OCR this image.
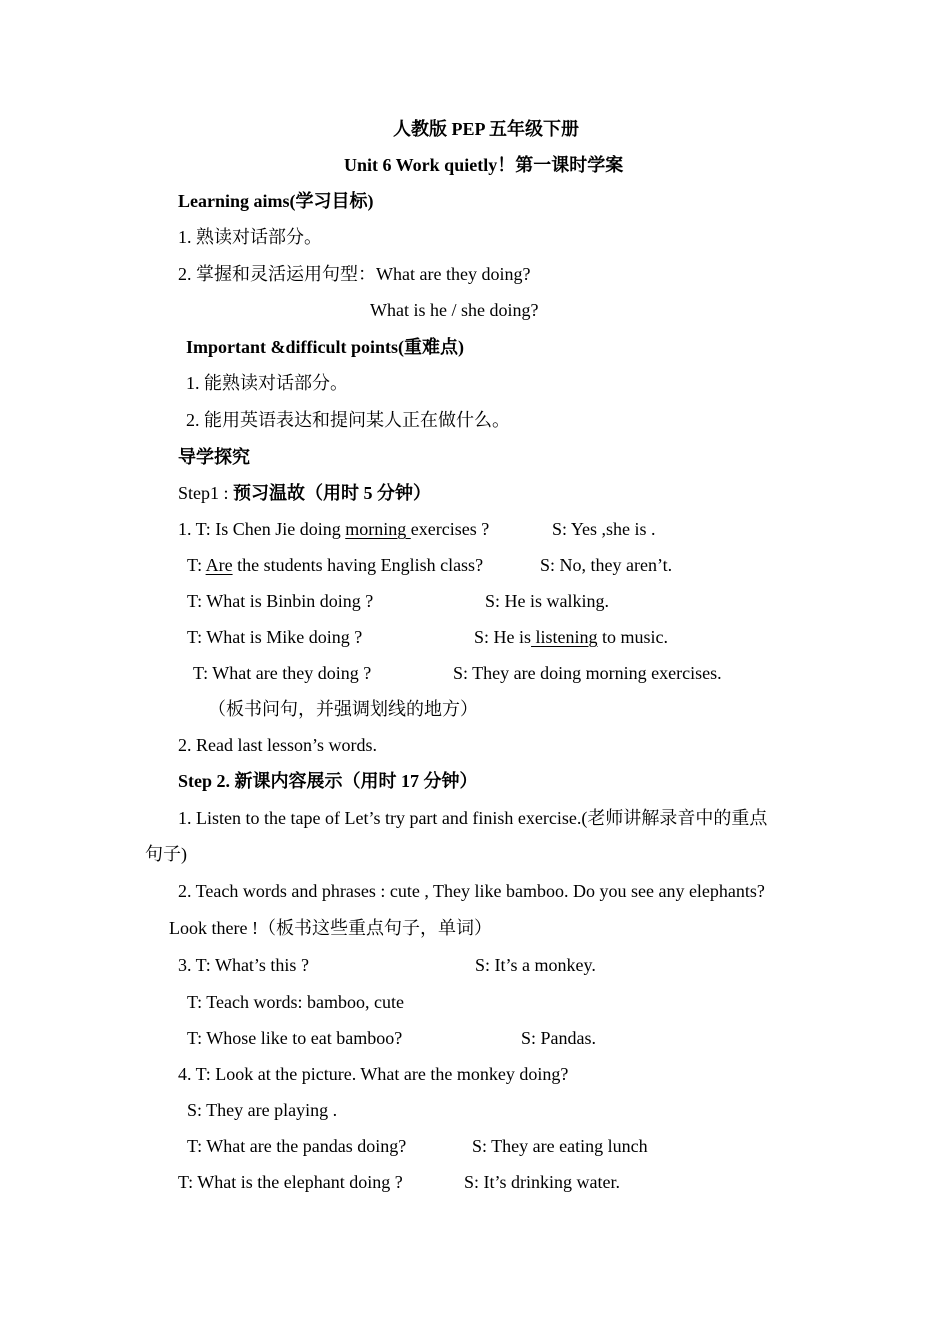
人教版 PEP 五年级下册
Unit 6 Work quietly！第一课时学案
Learning aims(学习目标)
1. 熟读对话部分。
2. 掌握和灵活运用句型：What are they doing?
What is he / she doing?
Important &difficult points(重难点)
1. 能熟读对话部分。
2. 能用英语表达和提问某人正在做什么。
导学探究
Step1 : 预习温故（用时 5 分钟）
1. T: Is Chen Jie doing morning exercises ?	S: Yes ,she is .
T: Are the students having English class?	S: No, they aren’t.
T: What is Binbin doing ?	S: He is walking.
T: What is Mike doing ?	S: He is listening to music.
T: What are they doing ?	S: They are doing morning exercises.
（板书问句，并强调划线的地方）
2. Read last lesson’s words.
Step 2. 新课内容展示（用时 17 分钟）
1. Listen to the tape of Let’s try part and finish exercise.(老师讲解录音中的重点
句子)
2. Teach words and phrases : cute , They like bamboo. Do you see any elephants?
Look there !（板书这些重点句子，单词）
3. T: What’s this ?	S: It’s a monkey.
T: Teach words: bamboo, cute
T: Whose like to eat bamboo?	S: Pandas.
4. T: Look at the picture. What are the monkey doing?
S: They are playing .
T: What are the pandas doing?	S: They are eating lunch
T: What is the elephant doing ?	S: It’s drinking water.
